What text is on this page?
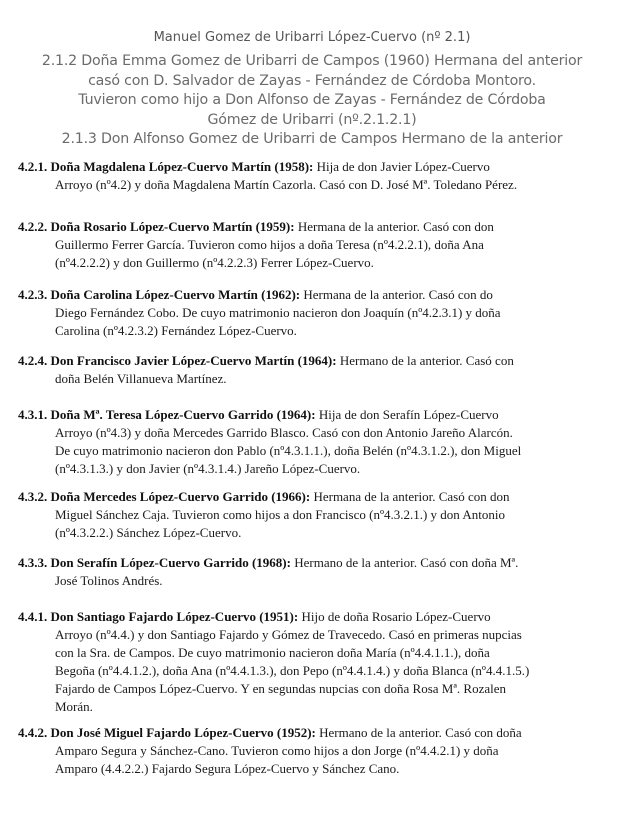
Manuel Gomez de Uribarri López-Cuervo (nº 2.1)
2.1.2 Doña Emma Gomez de Uribarri de Campos (1960) Hermana del anterior
casó con D. Salvador de Zayas - Fernández de Córdoba Montoro.
Tuvieron como hijo a Don Alfonso de Zayas - Fernández de Córdoba
Gómez de Uribarri (nº.2.1.2.1)
2.1.3 Don Alfonso Gomez de Uribarri de Campos Hermano de la anterior
4.2.1. Doña Magdalena López-Cuervo Martín (1958): Hija de don Javier López-Cuervo
Arroyo (nº4.2) y doña Magdalena Martín Cazorla. Casó con D. José Mª. Toledano Pérez.
4.2.2. Doña Rosario López-Cuervo Martín (1959): Hermana de la anterior. Casó con don
Guillermo Ferrer García. Tuvieron como hijos a doña Teresa (nº4.2.2.1), doña Ana
(nº4.2.2.2) y don Guillermo (nº4.2.2.3) Ferrer López-Cuervo.
4.2.3. Doña Carolina López-Cuervo Martín (1962): Hermana de la anterior. Casó con do
Diego Fernández Cobo. De cuyo matrimonio nacieron don Joaquín (nº4.2.3.1) y doña
Carolina (nº4.2.3.2) Fernández López-Cuervo.
4.2.4. Don Francisco Javier López-Cuervo Martín (1964): Hermano de la anterior. Casó con
doña Belén Villanueva Martínez.
4.3.1. Doña Mª. Teresa López-Cuervo Garrido (1964): Hija de don Serafín López-Cuervo
Arroyo (nº4.3) y doña Mercedes Garrido Blasco. Casó con don Antonio Jareño Alarcón.
De cuyo matrimonio nacieron don Pablo (nº4.3.1.1.), doña Belén (nº4.3.1.2.), don Miguel
(nº4.3.1.3.) y don Javier (nº4.3.1.4.) Jareño López-Cuervo.
4.3.2. Doña Mercedes López-Cuervo Garrido (1966): Hermana de la anterior. Casó con don
Miguel Sánchez Caja. Tuvieron como hijos a don Francisco (nº4.3.2.1.) y don Antonio
(nº4.3.2.2.) Sánchez López-Cuervo.
4.3.3. Don Serafín López-Cuervo Garrido (1968): Hermano de la anterior. Casó con doña Mª.
José Tolinos Andrés.
4.4.1. Don Santiago Fajardo López-Cuervo (1951): Hijo de doña Rosario López-Cuervo
Arroyo (nº4.4.) y don Santiago Fajardo y Gómez de Travecedo. Casó en primeras nupcias
con la Sra. de Campos. De cuyo matrimonio nacieron doña María (nº4.4.1.1.), doña
Begoña (nº4.4.1.2.), doña Ana (nº4.4.1.3.), don Pepo (nº4.4.1.4.) y doña Blanca (nº4.4.1.5.)
Fajardo de Campos López-Cuervo. Y en segundas nupcias con doña Rosa Mª. Rozalen
Morán.
4.4.2. Don José Miguel Fajardo López-Cuervo (1952): Hermano de la anterior. Casó con doña
Amparo Segura y Sánchez-Cano. Tuvieron como hijos a don Jorge (nº4.4.2.1) y doña
Amparo (4.4.2.2.) Fajardo Segura López-Cuervo y Sánchez Cano.
